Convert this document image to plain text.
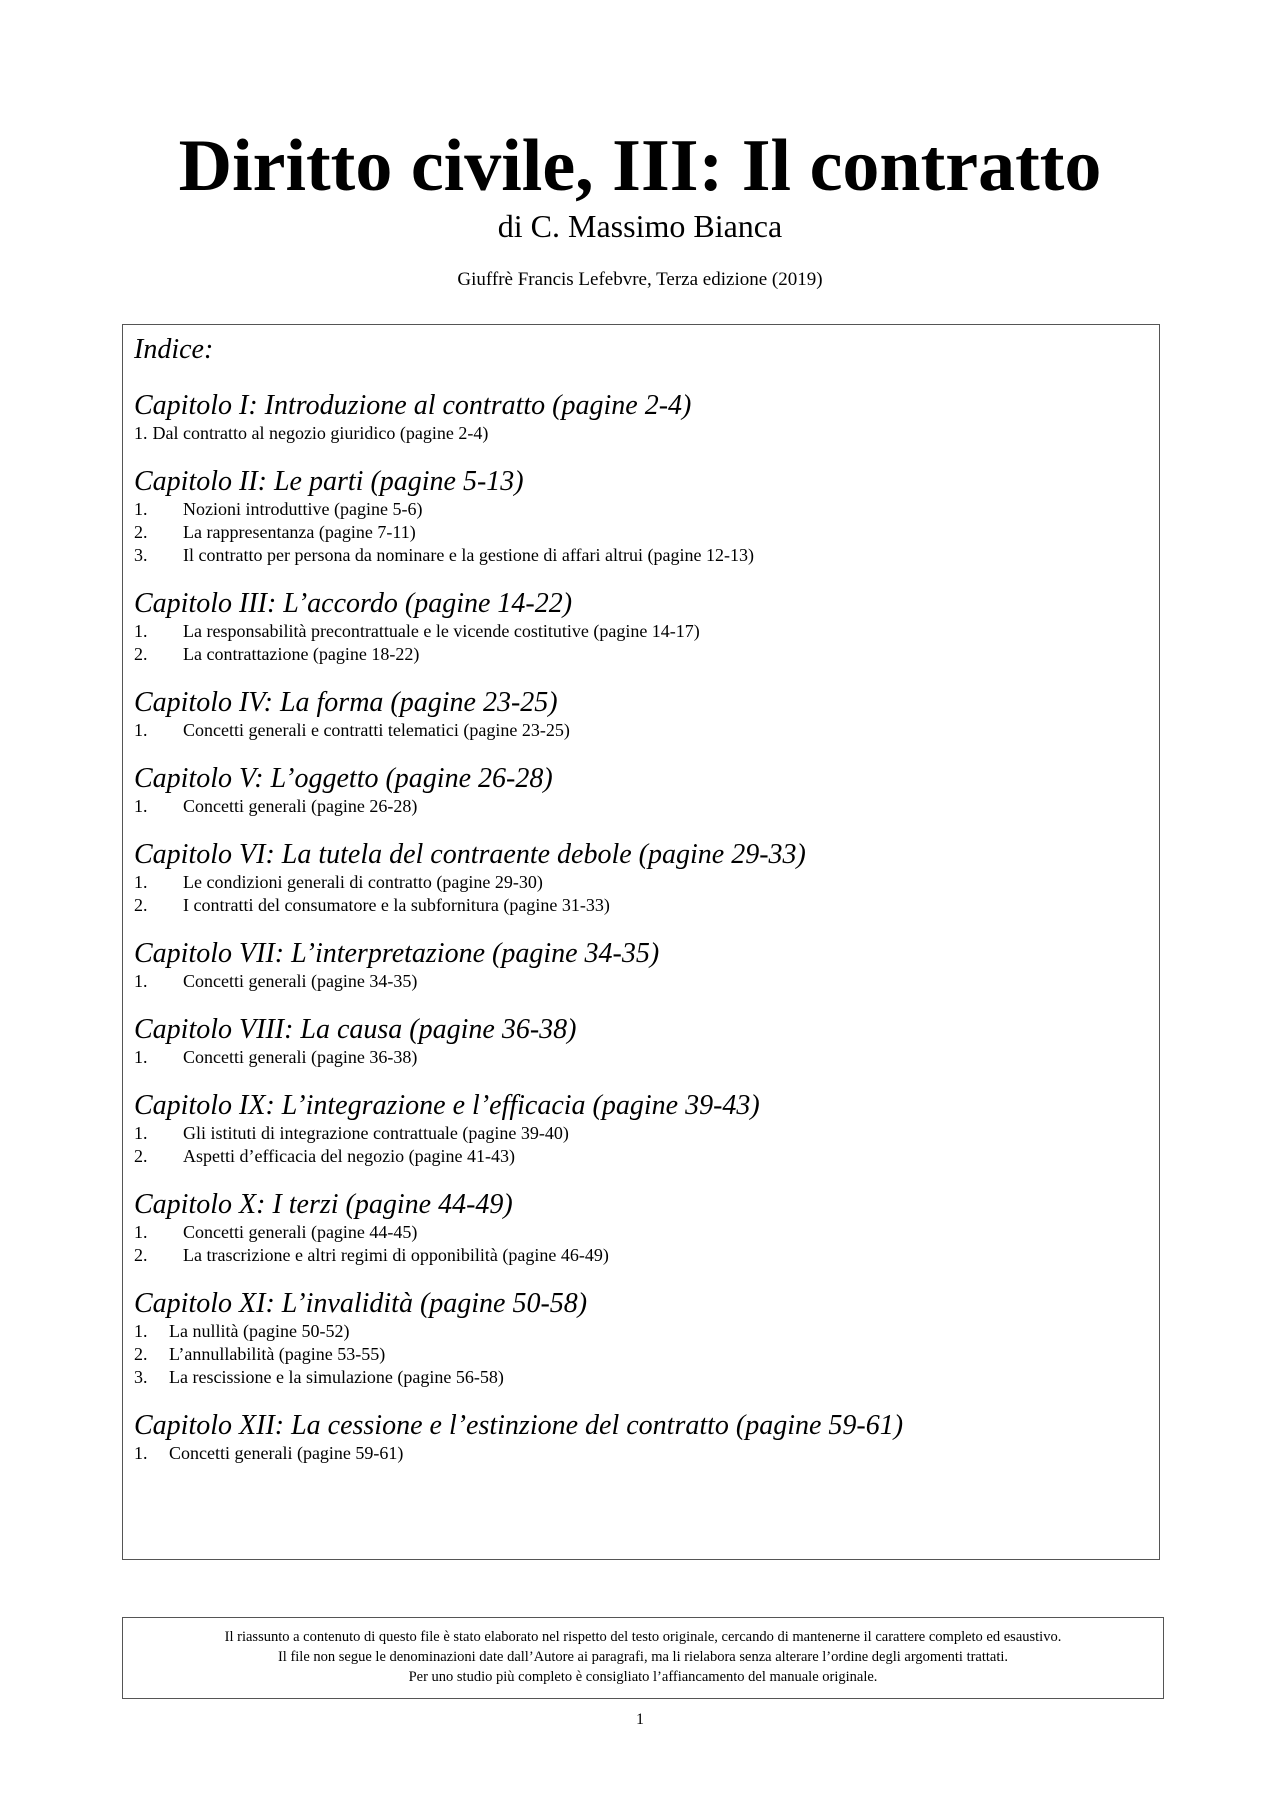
Diritto civile, III: Il contratto
di C. Massimo Bianca
Giuffrè Francis Lefebvre, Terza edizione (2019)
Indice:
Capitolo I: Introduzione al contratto (pagine 2-4)
1. Dal contratto al negozio giuridico (pagine 2-4)
Capitolo II: Le parti (pagine 5-13)
1.	Nozioni introduttive (pagine 5-6)
2.	La rappresentanza (pagine 7-11)
3.	Il contratto per persona da nominare e la gestione di affari altrui (pagine 12-13)
Capitolo III: L’accordo (pagine 14-22)
1.	La responsabilità precontrattuale e le vicende costitutive (pagine 14-17)
2.	La contrattazione (pagine 18-22)
Capitolo IV: La forma (pagine 23-25)
1.	Concetti generali e contratti telematici (pagine 23-25)
Capitolo V: L’oggetto (pagine 26-28)
1.	Concetti generali (pagine 26-28)
Capitolo VI: La tutela del contraente debole (pagine 29-33)
1.	Le condizioni generali di contratto (pagine 29-30)
2.	I contratti del consumatore e la subfornitura (pagine 31-33)
Capitolo VII: L’interpretazione (pagine 34-35)
1.	Concetti generali (pagine 34-35)
Capitolo VIII: La causa (pagine 36-38)
1.	Concetti generali (pagine 36-38)
Capitolo IX: L’integrazione e l’efficacia (pagine 39-43)
1.	Gli istituti di integrazione contrattuale (pagine 39-40)
2.	Aspetti d’efficacia del negozio (pagine 41-43)
Capitolo X: I terzi (pagine 44-49)
1.	Concetti generali (pagine 44-45)
2.	La trascrizione e altri regimi di opponibilità (pagine 46-49)
Capitolo XI: L’invalidità (pagine 50-58)
1.	La nullità (pagine 50-52)
2.	L’annullabilità (pagine 53-55)
3.	La rescissione e la simulazione (pagine 56-58)
Capitolo XII: La cessione e l’estinzione del contratto (pagine 59-61)
1.	Concetti generali (pagine 59-61)
Il riassunto a contenuto di questo file è stato elaborato nel rispetto del testo originale, cercando di mantenerne il carattere completo ed esaustivo.
Il file non segue le denominazioni date dall’Autore ai paragrafi, ma li rielabora senza alterare l’ordine degli argomenti trattati.
Per uno studio più completo è consigliato l’affiancamento del manuale originale.
1
